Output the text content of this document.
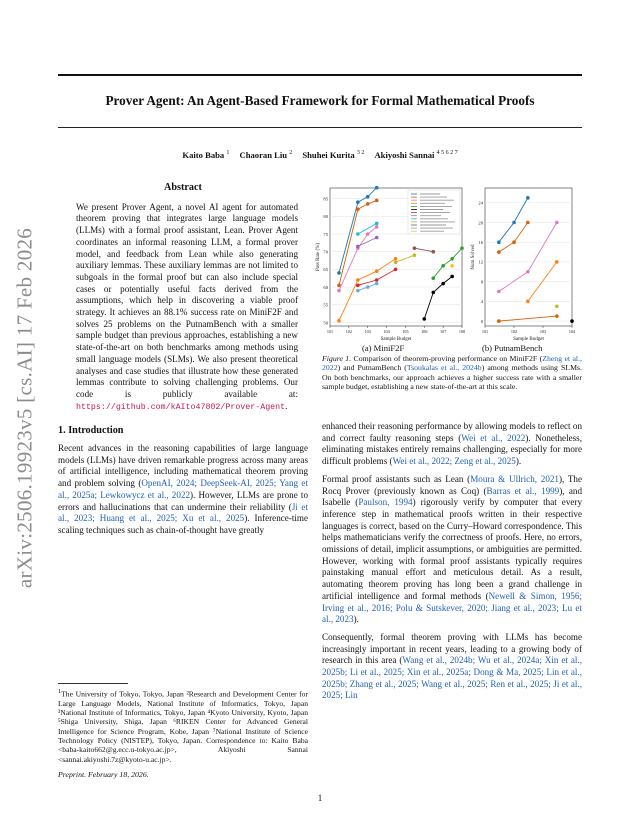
arXiv:2506.19923v5 [cs.AI] 17 Feb 2026
Prover Agent: An Agent-Based Framework for Formal Mathematical Proofs
Kaito Baba $^1$ Chaoran Liu $^2$ Shuhei Kurita $^{3 2}$ Akiyoshi Sannai $^{4 5 6 2 7}$
Abstract

We present Prover Agent, a novel AI agent for automated theorem proving that integrates large language models (LLMs) with a formal proof assistant, Lean. Prover Agent coordinates an informal reasoning LLM, a formal prover model, and feedback from Lean while also generating auxiliary lemmas. These auxiliary lemmas are not limited to subgoals in the formal proof but can also include special cases or potentially useful facts derived from the assumptions, which help in discovering a viable proof strategy. It achieves an 88.1% success rate on MiniF2F and solves 25 problems on the PutnamBench with a smaller sample budget than previous approaches, establishing a new state-of-the-art on both benchmarks among methods using small language models (SLMs). We also present theoretical analyses and case studies that illustrate how these generated lemmas contribute to solving challenging problems. Our code is publicly available at: https://github.com/kAIto47802/Prover-Agent.

1. Introduction

Recent advances in the reasoning capabilities of large language models (LLMs) have driven remarkable progress across many areas of artificial intelligence, including mathematical theorem proving and problem solving (OpenAI, 2024; DeepSeek-AI, 2025; Yang et al., 2025a; Lewkowycz et al., 2022). However, LLMs are prone to errors and hallucinations that can undermine their reliability (Ji et al., 2023; Huang et al., 2025; Xu et al., 2025). Inference-time scaling techniques such as chain-of-thought have greatly

$^1$The University of Tokyo, Tokyo, Japan ²Research and Development Center for Large Language Models, National Institute of Informatics, Tokyo, Japan ³National Institute of Informatics, Tokyo, Japan ⁴Kyoto University, Kyoto, Japan ⁵Shiga University, Shiga, Japan ⁶RIKEN Center for Advanced General Intelligence for Science Program, Kobe, Japan ⁷National Institute of Science Technology Policy (NISTEP), Tokyo, Japan. Correspondence to: Kaito Baba <baba-kaito662@g.ecc.u-tokyo.ac.jp>, Akiyoshi Sannai <sannai.akiyoshi.7z@kyoto-u.ac.jp>.
Preprint. February 18, 2026.
50
55
60
65
70
75
80
85
101	102	103	104	105	106	107	108
Sample Budget
Pass Rate (%)
0
4
8
12
16
20
24
101	102	103	104
Sample Budget
Num Solved
(a) MiniF2F	(b) PutnamBench
Figure 1. Comparison of theorem-proving performance on MiniF2F (Zheng et al., 2022) and PutnamBench (Tsoukalas et al., 2024b) among methods using SLMs. On both benchmarks, our approach achieves a higher success rate with a smaller sample budget, establishing a new state-of-the-art at this scale.

enhanced their reasoning performance by allowing models to reflect on and correct faulty reasoning steps (Wei et al., 2022). Nonetheless, eliminating mistakes entirely remains challenging, especially for more difficult problems (Wei et al., 2022; Zeng et al., 2025).

Formal proof assistants such as Lean (Moura & Ullrich, 2021), The Rocq Prover (previously known as Coq) (Barras et al., 1999), and Isabelle (Paulson, 1994) rigorously verify by computer that every inference step in mathematical proofs written in their respective languages is correct, based on the Curry–Howard correspondence. This helps mathematicians verify the correctness of proofs. Here, no errors, omissions of detail, implicit assumptions, or ambiguities are permitted. However, working with formal proof assistants typically requires painstaking manual effort and meticulous detail. As a result, automating theorem proving has long been a grand challenge in artificial intelligence and formal methods (Newell & Simon, 1956; Irving et al., 2016; Polu & Sutskever, 2020; Jiang et al., 2023; Lu et al., 2023).

Consequently, formal theorem proving with LLMs has become increasingly important in recent years, leading to a growing body of research in this area (Wang et al., 2024b; Wu et al., 2024a; Xin et al., 2025b; Li et al., 2025; Xin et al., 2025a; Dong & Ma, 2025; Lin et al., 2025b; Zhang et al., 2025; Wang et al., 2025; Ren et al., 2025; Ji et al., 2025; Lin

1
